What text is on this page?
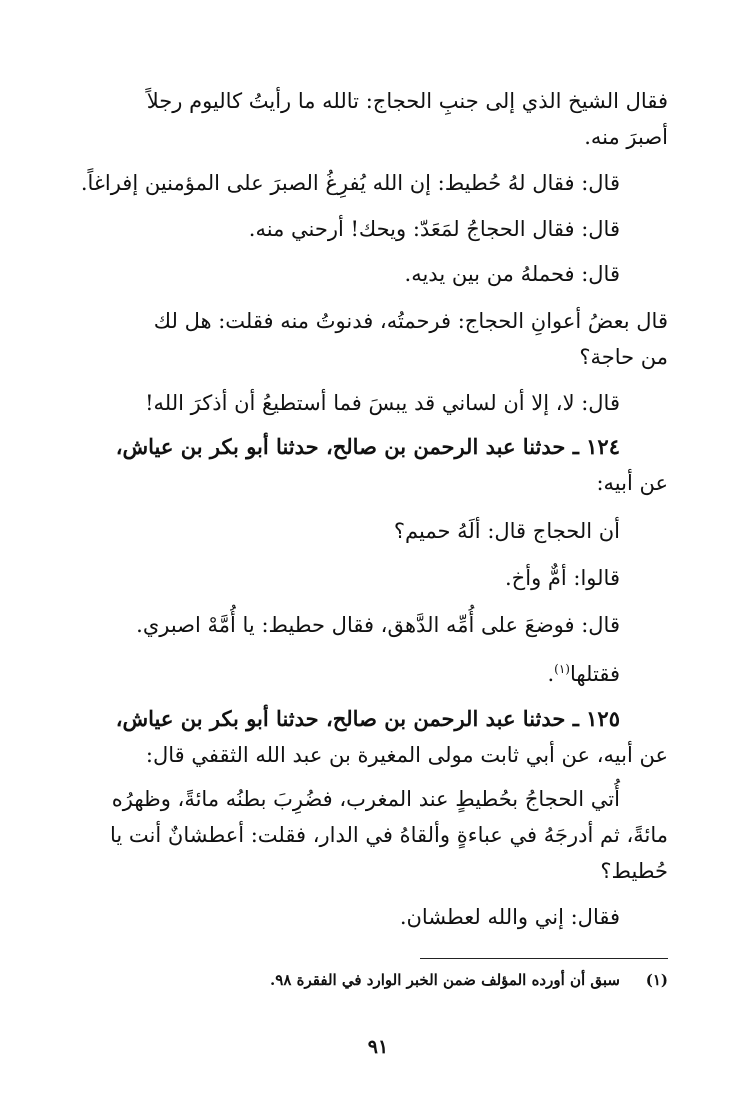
فقال الشيخ الذي إلى جنبِ الحجاج: تالله ما رأيتُ كاليوم رجلاً
أصبرَ منه.
قال: فقال لهُ حُطيط: إن الله يُفرِغُ الصبرَ على المؤمنين إفراغاً.
قال: فقال الحجاجُ لمَعَدّ: ويحك! أرحني منه.
قال: فحملهُ من بين يديه.
قال بعضُ أعوانِ الحجاج: فرحمتُه، فدنوتُ منه فقلت: هل لك
من حاجة؟
قال: لا، إلا أن لساني قد يبسَ فما أستطيعُ أن أذكرَ الله!
١٢٤ ـ حدثنا عبد الرحمن بن صالح، حدثنا أبو بكر بن عياش،
عن أبيه:
أن الحجاج قال: ألَهُ حميم؟
قالوا: أمٌّ وأخ.
قال: فوضعَ على أُمِّه الدَّهق، فقال حطيط: يا أُمَّهْ اصبري.
فقتلها$^{(١)}$.
١٢٥ ـ حدثنا عبد الرحمن بن صالح، حدثنا أبو بكر بن عياش،
عن أبيه، عن أبي ثابت مولى المغيرة بن عبد الله الثقفي قال:
أُتي الحجاجُ بحُطيطٍ عند المغرب، فضُرِبَ بطنُه مائةً، وظهرُه
مائةً، ثم أدرجَهُ في عباءةٍ وألقاهُ في الدار، فقلت: أعطشانٌ أنت يا
حُطيط؟
فقال: إني والله لعطشان.
(١)سبق أن أورده المؤلف ضمن الخبر الوارد في الفقرة ٩٨.
٩١
